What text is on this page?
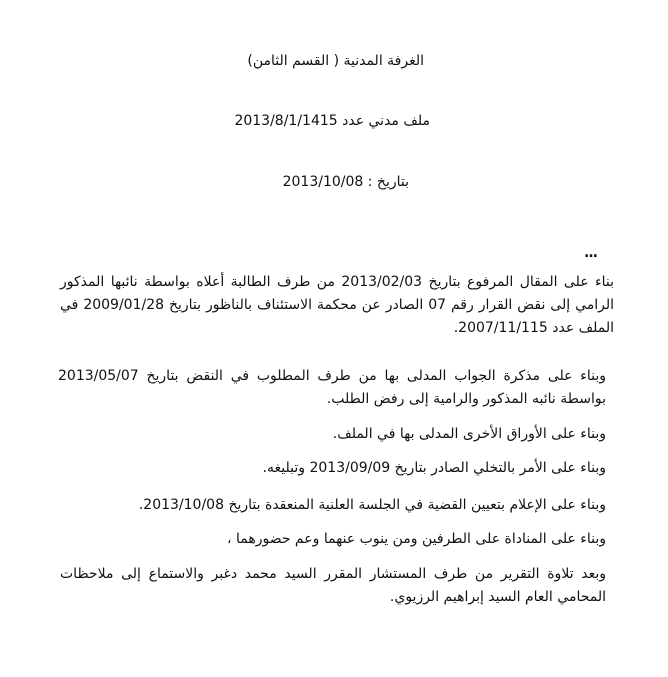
الغرفة المدنية ( القسم الثامن)
ملف مدني عدد 2013/8/1/1415
بتاريخ : 2013/10/08
...

بناء على المقال المرفوع بتاريخ 2013/02/03 من طرف الطالبة أعلاه بواسطة نائبها المذكور الرامي إلى نقض القرار رقم 07 الصادر عن محكمة الاستئناف بالناظور بتاريخ 2009/01/28 في الملف عدد 2007/11/115.

وبناء على مذكرة الجواب المدلى بها من طرف المطلوب في النقض بتاريخ 2013/05/07 بواسطة نائبه المذكور والرامية إلى رفض الطلب.

وبناء على الأوراق الأخرى المدلى بها في الملف.

وبناء على الأمر بالتخلي الصادر بتاريخ 2013/09/09 وتبليغه.

وبناء على الإعلام بتعيين القضية في الجلسة العلنية المنعقدة بتاريخ 2013/10/08.

وبناء على المناداة على الطرفين ومن ينوب عنهما وعم حضورهما ،

وبعد تلاوة التقرير من طرف المستشار المقرر السيد محمد دغبر والاستماع إلى ملاحظات المحامي العام السيد إبراهيم الرزيوي.
